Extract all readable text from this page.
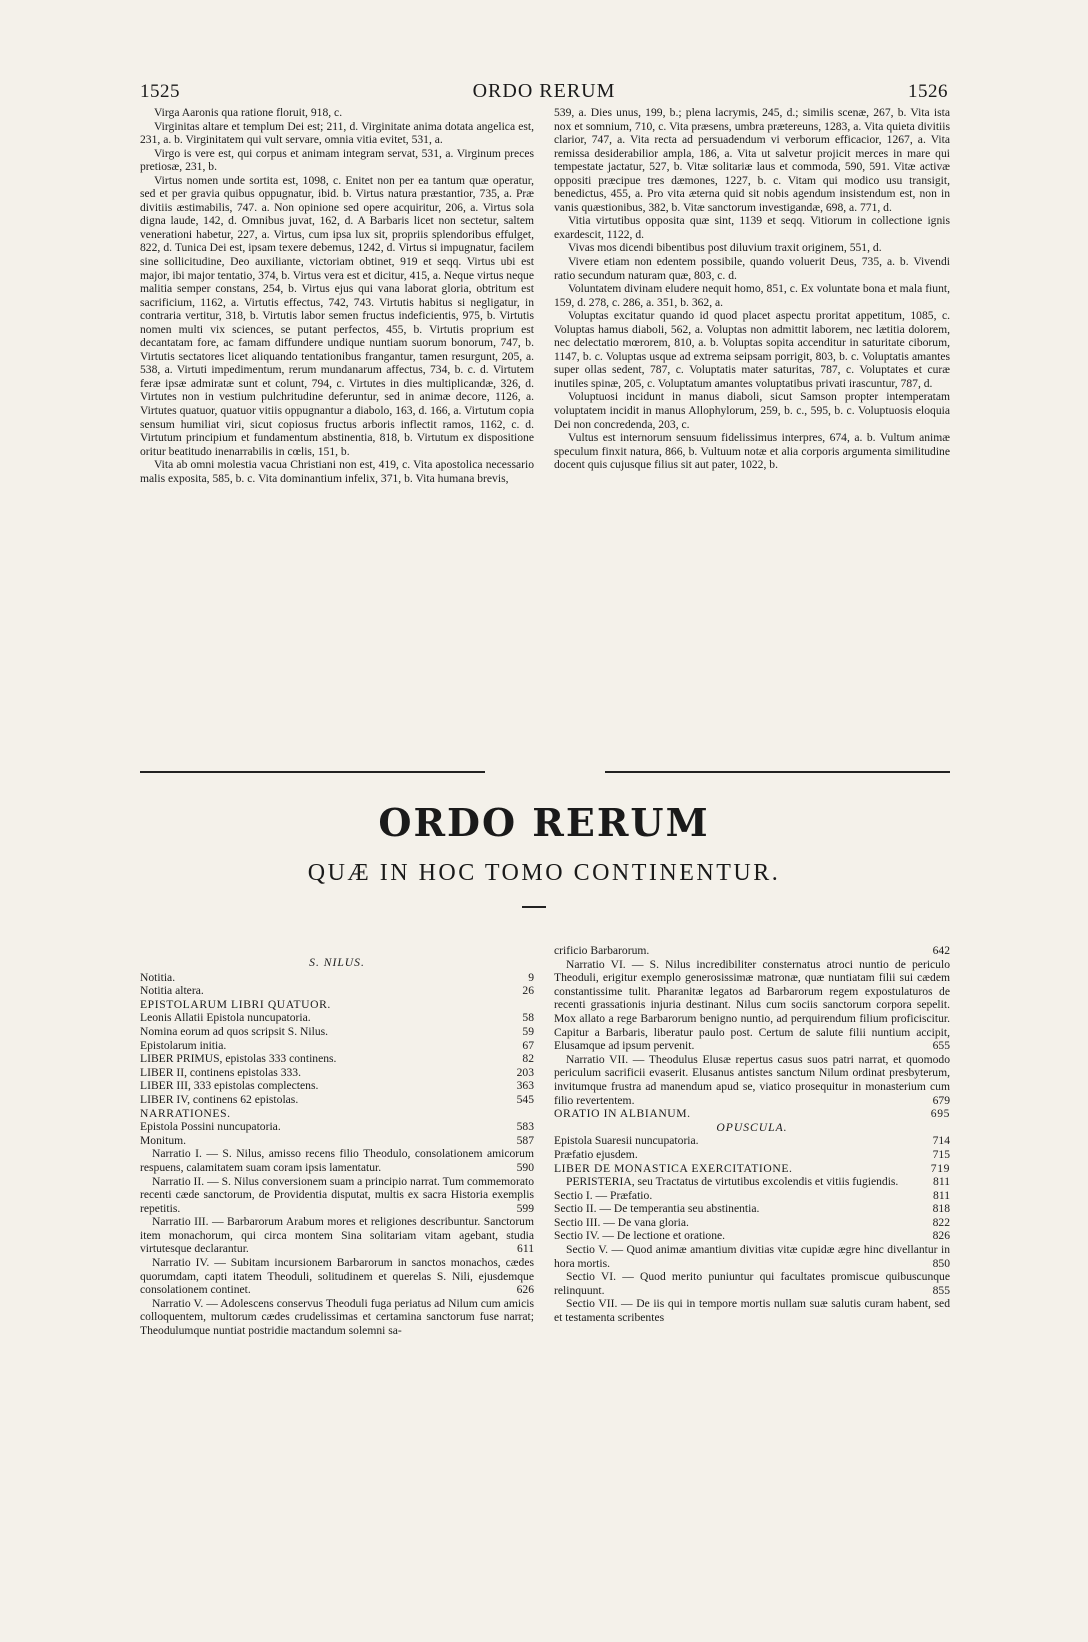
1525	ORDO RERUM	1526

Virga Aaronis qua ratione floruit, 918, c.

Virginitas altare et templum Dei est; 211, d. Virginitate anima dotata angelica est, 231, a. b. Virginitatem qui vult servare, omnia vitia evitet, 531, a.

Virgo is vere est, qui corpus et animam integram servat, 531, a. Virginum preces pretiosæ, 231, b.

Virtus nomen unde sortita est, 1098, c. Enitet non per ea tantum quæ operatur, sed et per gravia quibus oppugnatur, ibid. b. Virtus natura præstantior, 735, a. Præ divitiis æstimabilis, 747. a. Non opinione sed opere acquiritur, 206, a. Virtus sola digna laude, 142, d. Omnibus juvat, 162, d. A Barbaris licet non sectetur, saltem venerationi habetur, 227, a. Virtus, cum ipsa lux sit, propriis splendoribus effulget, 822, d. Tunica Dei est, ipsam texere debemus, 1242, d. Virtus si impugnatur, facilem sine sollicitudine, Deo auxiliante, victoriam obtinet, 919 et seqq. Virtus ubi est major, ibi major tentatio, 374, b. Virtus vera est et dicitur, 415, a. Neque virtus neque malitia semper constans, 254, b. Virtus ejus qui vana laborat gloria, obtritum est sacrificium, 1162, a. Virtutis effectus, 742, 743. Virtutis habitus si negligatur, in contraria vertitur, 318, b. Virtutis labor semen fructus indeficientis, 975, b. Virtutis nomen multi vix sciences, se putant perfectos, 455, b. Virtutis proprium est decantatam fore, ac famam diffundere undique nuntiam suorum bonorum, 747, b. Virtutis sectatores licet aliquando tentationibus frangantur, tamen resurgunt, 205, a. 538, a. Virtuti impedimentum, rerum mundanarum affectus, 734, b. c. d. Virtutem feræ ipsæ admiratæ sunt et colunt, 794, c. Virtutes in dies multiplicandæ, 326, d. Virtutes non in vestium pulchritudine deferuntur, sed in animæ decore, 1126, a. Virtutes quatuor, quatuor vitiis oppugnantur a diabolo, 163, d. 166, a. Virtutum copia sensum humiliat viri, sicut copiosus fructus arboris inflectit ramos, 1162, c. d. Virtutum principium et fundamentum abstinentia, 818, b. Virtutum ex dispositione oritur beatitudo inenarrabilis in cœlis, 151, b.

Vita ab omni molestia vacua Christiani non est, 419, c. Vita apostolica necessario malis exposita, 585, b. c. Vita dominantium infelix, 371, b. Vita humana brevis,

539, a. Dies unus, 199, b.; plena lacrymis, 245, d.; similis scenæ, 267, b. Vita ista nox et somnium, 710, c. Vita præsens, umbra prætereuns, 1283, a. Vita quieta divitiis clarior, 747, a. Vita recta ad persuadendum vi verborum efficacior, 1267, a. Vita remissa desiderabilior ampla, 186, a. Vita ut salvetur projicit merces in mare qui tempestate jactatur, 527, b. Vitæ solitariæ laus et commoda, 590, 591. Vitæ activæ oppositi præcipue tres dæmones, 1227, b. c. Vitam qui modico usu transigit, benedictus, 455, a. Pro vita æterna quid sit nobis agendum insistendum est, non in vanis quæstionibus, 382, b. Vitæ sanctorum investigandæ, 698, a. 771, d.

Vitia virtutibus opposita quæ sint, 1139 et seqq. Vitiorum in collectione ignis exardescit, 1122, d.

Vivas mos dicendi bibentibus post diluvium traxit originem, 551, d.

Vivere etiam non edentem possibile, quando voluerit Deus, 735, a. b. Vivendi ratio secundum naturam quæ, 803, c. d.

Voluntatem divinam eludere nequit homo, 851, c. Ex voluntate bona et mala fiunt, 159, d. 278, c. 286, a. 351, b. 362, a.

Voluptas excitatur quando id quod placet aspectu proritat appetitum, 1085, c. Voluptas hamus diaboli, 562, a. Voluptas non admittit laborem, nec lætitia dolorem, nec delectatio mœrorem, 810, a. b. Voluptas sopita accenditur in saturitate ciborum, 1147, b. c. Voluptas usque ad extrema seipsam porrigit, 803, b. c. Voluptatis amantes super ollas sedent, 787, c. Voluptatis mater saturitas, 787, c. Voluptates et curæ inutiles spinæ, 205, c. Voluptatum amantes voluptatibus privati irascuntur, 787, d.

Voluptuosi incidunt in manus diaboli, sicut Samson propter intemperatam voluptatem incidit in manus Allophylorum, 259, b. c., 595, b. c. Voluptuosis eloquia Dei non concredenda, 203, c.

Vultus est internorum sensuum fidelissimus interpres, 674, a. b. Vultum animæ speculum finxit natura, 866, b. Vultuum notæ et alia corporis argumenta similitudine docent quis cujusque filius sit aut pater, 1022, b.

ORDO RERUM
QUÆ IN HOC TOMO CONTINENTUR.
S. NILUS.
Notitia.	9
Notitia altera.	26
EPISTOLARUM LIBRI QUATUOR.
Leonis Allatii Epistola nuncupatoria.	58
Nomina eorum ad quos scripsit S. Nilus.	59
Epistolarum initia.	67
LIBER PRIMUS, epistolas 333 continens.	82
LIBER II, continens epistolas 333.	203
LIBER III, 333 epistolas complectens.	363
LIBER IV, continens 62 epistolas.	545
NARRATIONES.
Epistola Possini nuncupatoria.	583
Monitum.	587
Narratio I. — S. Nilus, amisso recens filio Theodulo, consolationem amicorum respuens, calamitatem suam coram ipsis lamentatur.	590
Narratio II. — S. Nilus conversionem suam a principio narrat. Tum commemorato recenti cæde sanctorum, de Providentia disputat, multis ex sacra Historia exemplis repetitis.	599
Narratio III. — Barbarorum Arabum mores et religiones describuntur. Sanctorum item monachorum, qui circa montem Sina solitariam vitam agebant, studia virtutesque declarantur.	611
Narratio IV. — Subitam incursionem Barbarorum in sanctos monachos, cædes quorumdam, capti itatem Theoduli, solitudinem et querelas S. Nili, ejusdemque consolationem continet.	626
Narratio V. — Adolescens conservus Theoduli fuga periatus ad Nilum cum amicis colloquentem, multorum cædes crudelissimas et certamina sanctorum fuse narrat; Theodulumque nuntiat postridie mactandum solemni sa-
crificio Barbarorum.	642
Narratio VI. — S. Nilus incredibiliter consternatus atroci nuntio de periculo Theoduli, erigitur exemplo generosissimæ matronæ, quæ nuntiatam filii sui cædem constantissime tulit. Pharanitæ legatos ad Barbarorum regem expostulaturos de recenti grassationis injuria destinant. Nilus cum sociis sanctorum corpora sepelit. Mox allato a rege Barbarorum benigno nuntio, ad perquirendum filium proficiscitur. Capitur a Barbaris, liberatur paulo post. Certum de salute filii nuntium accipit, Elusamque ad ipsum pervenit.	655
Narratio VII. — Theodulus Elusæ repertus casus suos patri narrat, et quomodo periculum sacrificii evaserit. Elusanus antistes sanctum Nilum ordinat presbyterum, invitumque frustra ad manendum apud se, viatico prosequitur in monasterium cum filio revertentem.	679
ORATIO IN ALBIANUM.	695
OPUSCULA.
Epistola Suaresii nuncupatoria.	714
Præfatio ejusdem.	715
LIBER DE MONASTICA EXERCITATIONE.	719
PERISTERIA, seu Tractatus de virtutibus excolendis et vitiis fugiendis.	811
Sectio I. — Præfatio.	811
Sectio II. — De temperantia seu abstinentia.	818
Sectio III. — De vana gloria.	822
Sectio IV. — De lectione et oratione.	826
Sectio V. — Quod animæ amantium divitias vitæ cupidæ ægre hinc divellantur in hora mortis.	850
Sectio VI. — Quod merito puniuntur qui facultates promiscue quibuscunque relinquunt.	855
Sectio VII. — De iis qui in tempore mortis nullam suæ salutis curam habent, sed et testamenta scribentes
